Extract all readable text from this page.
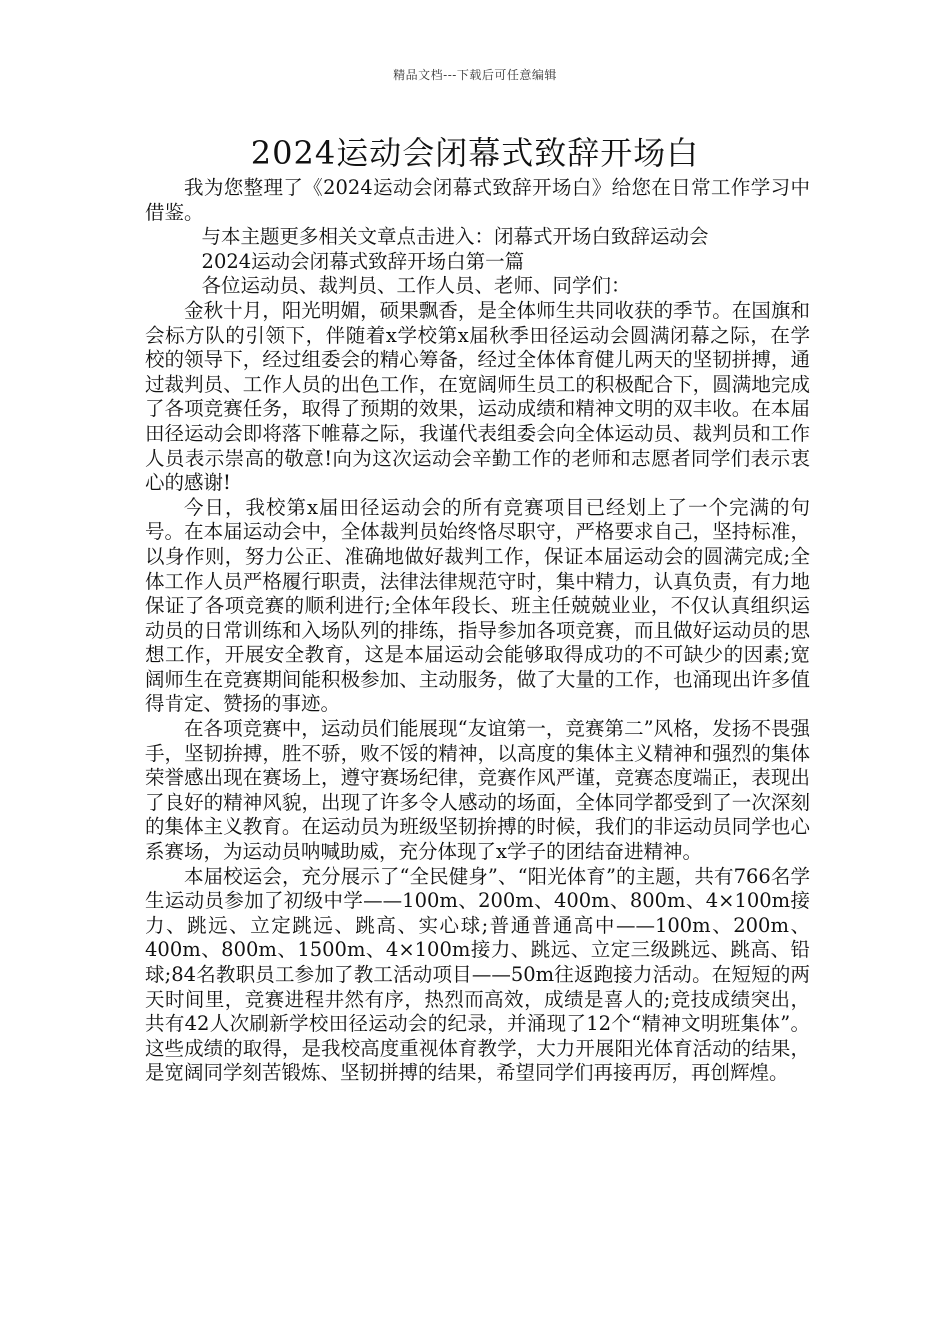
精品文档---下载后可任意编辑
2024运动会闭幕式致辞开场白

我为您整理了《2024运动会闭幕式致辞开场白》给您在日常工作学习中借鉴。

与本主题更多相关文章点击进入：闭幕式开场白致辞运动会

2024运动会闭幕式致辞开场白第一篇

各位运动员、裁判员、工作人员、老师、同学们：

金秋十月，阳光明媚，硕果飘香，是全体师生共同收获的季节。在国旗和会标方队的引领下，伴随着x学校第x届秋季田径运动会圆满闭幕之际，在学校的领导下，经过组委会的精心筹备，经过全体体育健儿两天的坚韧拼搏，通过裁判员、工作人员的出色工作，在宽阔师生员工的积极配合下，圆满地完成了各项竞赛任务，取得了预期的效果，运动成绩和精神文明的双丰收。在本届田径运动会即将落下帷幕之际，我谨代表组委会向全体运动员、裁判员和工作人员表示崇高的敬意!向为这次运动会辛勤工作的老师和志愿者同学们表示衷心的感谢!

今日，我校第x届田径运动会的所有竞赛项目已经划上了一个完满的句号。在本届运动会中，全体裁判员始终恪尽职守，严格要求自己，坚持标准，以身作则，努力公正、准确地做好裁判工作，保证本届运动会的圆满完成;全体工作人员严格履行职责，法律法律规范守时，集中精力，认真负责，有力地保证了各项竞赛的顺利进行;全体年段长、班主任兢兢业业，不仅认真组织运动员的日常训练和入场队列的排练，指导参加各项竞赛，而且做好运动员的思想工作，开展安全教育，这是本届运动会能够取得成功的不可缺少的因素;宽阔师生在竞赛期间能积极参加、主动服务，做了大量的工作，也涌现出许多值得肯定、赞扬的事迹。

在各项竞赛中，运动员们能展现“友谊第一，竞赛第二”风格，发扬不畏强手，坚韧拚搏，胜不骄，败不馁的精神，以高度的集体主义精神和强烈的集体荣誉感出现在赛场上，遵守赛场纪律，竞赛作风严谨，竞赛态度端正，表现出了良好的精神风貌，出现了许多令人感动的场面，全体同学都受到了一次深刻的集体主义教育。在运动员为班级坚韧拚搏的时候，我们的非运动员同学也心系赛场，为运动员呐喊助威，充分体现了x学子的团结奋进精神。

本届校运会，充分展示了“全民健身”、“阳光体育”的主题，共有766名学生运动员参加了初级中学——100m、200m、400m、800m、4×100m接力、跳远、立定跳远、跳高、实心球;普通普通高中——100m、200m、400m、800m、1500m、4×100m接力、跳远、立定三级跳远、跳高、铅球;84名教职员工参加了教工活动项目——50m往返跑接力活动。在短短的两天时间里，竞赛进程井然有序，热烈而高效，成绩是喜人的;竞技成绩突出，共有42人次刷新学校田径运动会的纪录，并涌现了12个“精神文明班集体”。这些成绩的取得，是我校高度重视体育教学，大力开展阳光体育活动的结果，是宽阔同学刻苦锻炼、坚韧拼搏的结果，希望同学们再接再厉，再创辉煌。
